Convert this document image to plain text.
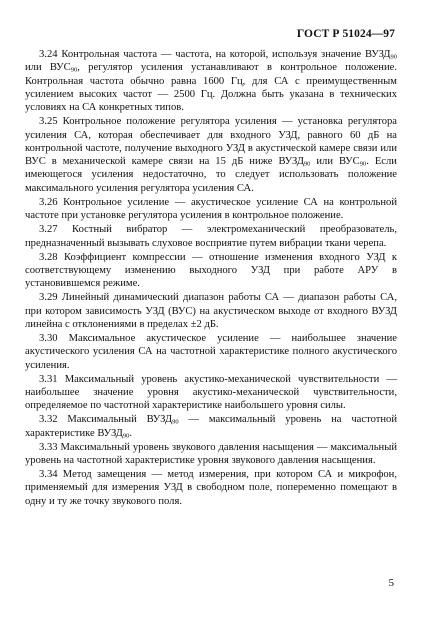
ГОСТ Р 51024—97

3.24 Контрольная частота — частота, на которой, используя значение $ВУЗД_{90}$ или $ВУС_{90}$, регулятор усиления устанавливают в контрольное положение. Контрольная частота обычно равна 1600 Гц, для СА с преимущественным усилением высоких частот — 2500 Гц. Должна быть указана в технических условиях на СА конкретных типов.

3.25 Контрольное положение регулятора усиления — установка регулятора усиления СА, которая обеспечивает для входного УЗД, равного 60 дБ на контрольной частоте, получение выходного УЗД в акустической камере связи или ВУС в механической камере связи на 15 дБ ниже $ВУЗД_{90}$ или $ВУС_{90}$. Если имеющегося усиления недостаточно, то следует использовать положение максимального усиления регулятора усиления СА.

3.26 Контрольное усиление — акустическое усиление СА на контрольной частоте при установке регулятора усиления в контрольное положение.

3.27 Костный вибратор — электромеханический преобразователь, предназначенный вызывать слуховое восприятие путем вибрации ткани черепа.

3.28 Коэффициент компрессии — отношение изменения входного УЗД к соответствующему изменению выходного УЗД при работе АРУ в установившемся режиме.

3.29 Линейный динамический диапазон работы СА — диапазон работы СА, при котором зависимость УЗД (ВУС) на акустическом выходе от входного ВУЗД линейна с отклонениями в пределах ±2 дБ.

3.30 Максимальное акустическое усиление — наибольшее значение акустического усиления СА на частотной характеристике полного акустического усиления.

3.31 Максимальный уровень акустико-механической чувствительности — наибольшее значение уровня акустико-механической чувствительности, определяемое по частотной характеристике наибольшего уровня силы.

3.32 Максимальный $ВУЗД_{90}$ — максимальный уровень на частотной характеристике $ВУЗД_{90}$.

3.33 Максимальный уровень звукового давления насыщения — максимальный уровень на частотной характеристике уровня звукового давления насыщения.

3.34 Метод замещения — метод измерения, при котором СА и микрофон, применяемый для измерения УЗД в свободном поле, попеременно помещают в одну и ту же точку звукового поля.

5
